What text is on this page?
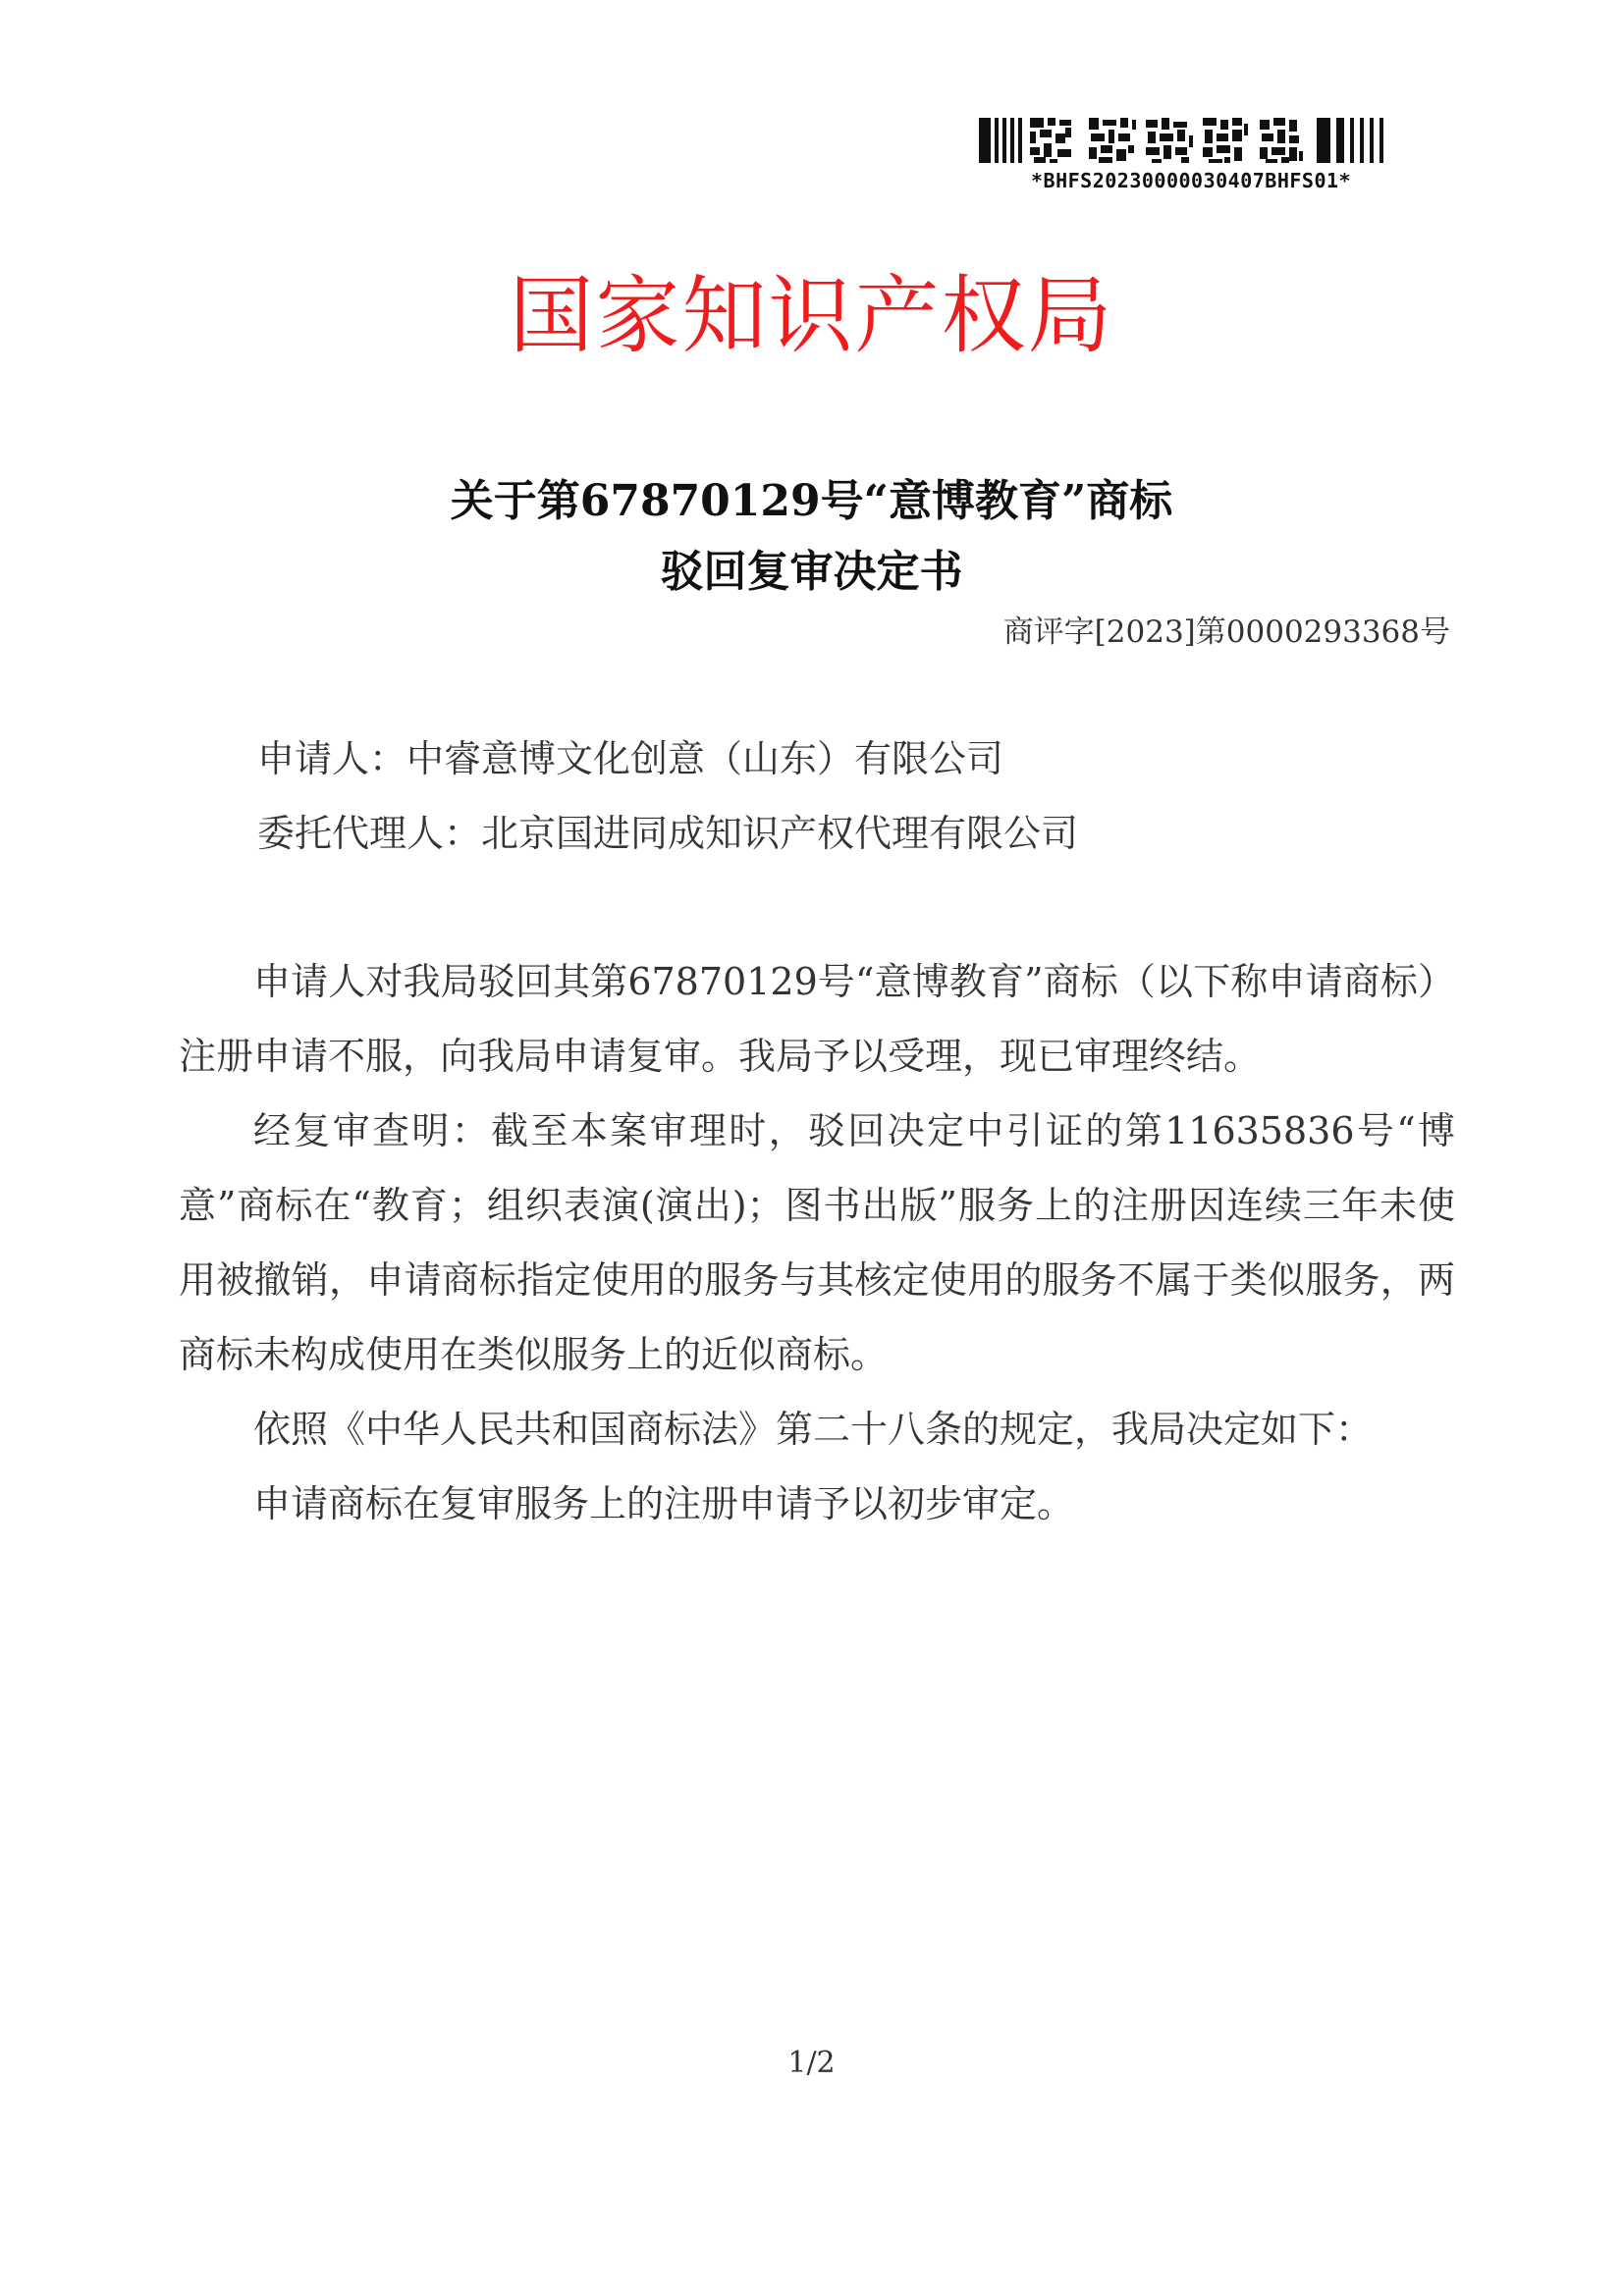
*BHFS20230000030407BHFS01*
国家知识产权局
关于第67870129号“意博教育”商标
驳回复审决定书
商评字[2023]第0000293368号
申请人：中睿意博文化创意（山东）有限公司
委托代理人：北京国进同成知识产权代理有限公司

申请人对我局驳回其第67870129号“意博教育”商标（以下称申请商标）注册申请不服，向我局申请复审。我局予以受理，现已审理终结。

经复审查明：截至本案审理时，驳回决定中引证的第11635836号“博意”商标在“教育；组织表演(演出)；图书出版”服务上的注册因连续三年未使用被撤销，申请商标指定使用的服务与其核定使用的服务不属于类似服务，两商标未构成使用在类似服务上的近似商标。

依照《中华人民共和国商标法》第二十八条的规定，我局决定如下：

申请商标在复审服务上的注册申请予以初步审定。

1/2
